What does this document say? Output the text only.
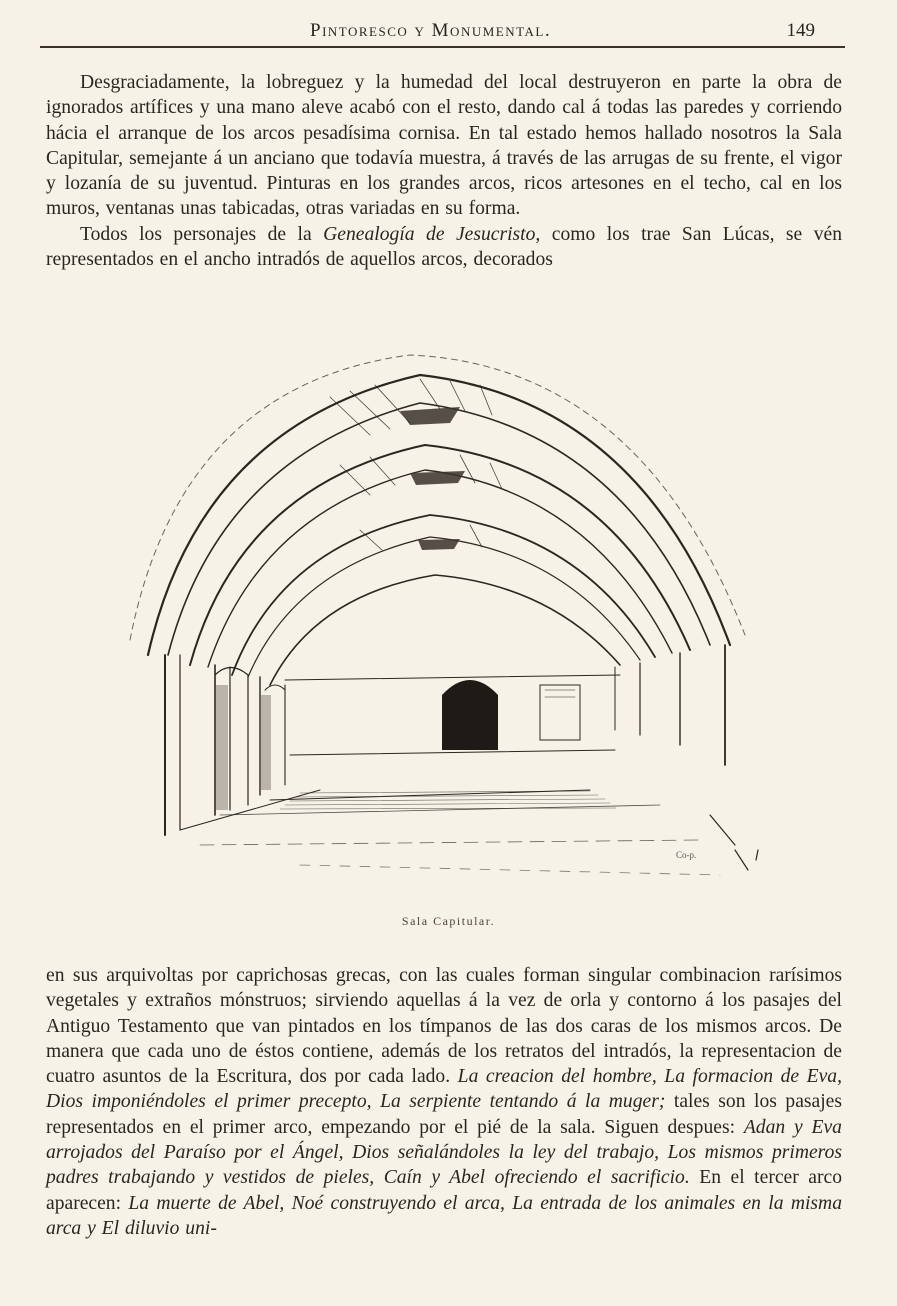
Pintoresco y Monumental.	149

Desgraciadamente, la lobreguez y la humedad del local destruyeron en parte la obra de ignorados artífices y una mano aleve acabó con el resto, dando cal á todas las paredes y corriendo hácia el arranque de los arcos pesadísima cornisa. En tal estado hemos hallado nosotros la Sala Capitular, semejante á un anciano que todavía muestra, á través de las arrugas de su frente, el vigor y lozanía de su juventud. Pinturas en los grandes arcos, ricos artesones en el techo, cal en los muros, ventanas unas tabicadas, otras variadas en su forma.

Todos los personajes de la Genealogía de Jesucristo, como los trae San Lúcas, se vén representados en el ancho intradós de aquellos arcos, decorados

Co-p.
Sala Capitular.

en sus arquivoltas por caprichosas grecas, con las cuales forman singular combinacion rarísimos vegetales y extraños mónstruos; sirviendo aquellas á la vez de orla y contorno á los pasajes del Antiguo Testamento que van pintados en los tímpanos de las dos caras de los mismos arcos. De manera que cada uno de éstos contiene, además de los retratos del intradós, la representacion de cuatro asuntos de la Escritura, dos por cada lado. La creacion del hombre, La formacion de Eva, Dios imponiéndoles el primer precepto, La serpiente tentando á la muger; tales son los pasajes representados en el primer arco, empezando por el pié de la sala. Siguen despues: Adan y Eva arrojados del Paraíso por el Ángel, Dios señalándoles la ley del trabajo, Los mismos primeros padres trabajando y vestidos de pieles, Caín y Abel ofreciendo el sacrificio. En el tercer arco aparecen: La muerte de Abel, Noé construyendo el arca, La entrada de los animales en la misma arca y El diluvio uni-
